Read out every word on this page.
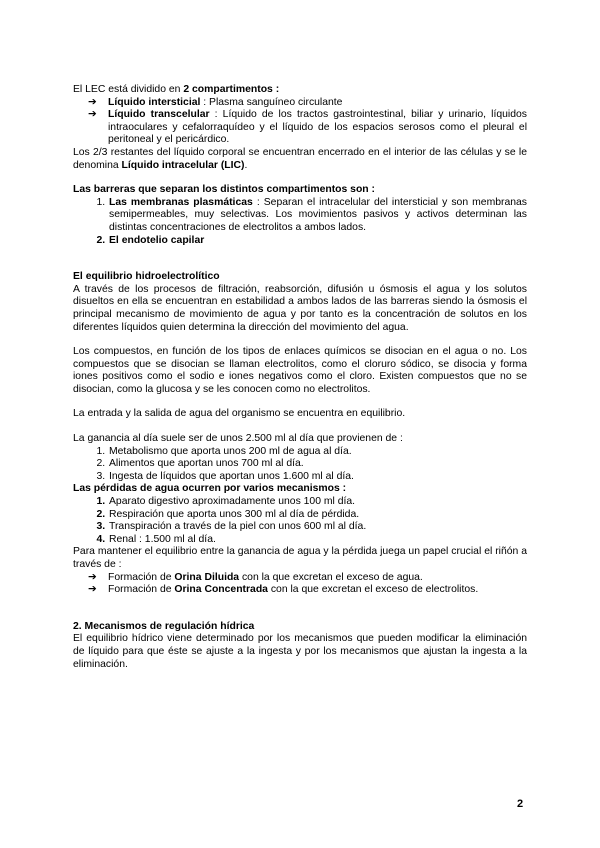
El LEC está dividido en 2 compartimentos :

➔ Líquido intersticial : Plasma sanguíneo circulante
➔ Líquido transcelular : Líquido de los tractos gastrointestinal, biliar y urinario, líquidos intraoculares y cefalorraquídeo y el líquido de los espacios serosos como el pleural el peritoneal y el pericárdico.

Los 2/3 restantes del líquido corporal se encuentran encerrado en el interior de las células y se le denomina Líquido intracelular (LIC).

Las barreras que separan los distintos compartimentos son :

1. Las membranas plasmáticas : Separan el intracelular del intersticial y son membranas semipermeables, muy selectivas. Los movimientos pasivos y activos determinan las distintas concentraciones de electrolitos a ambos lados.
2. El endotelio capilar

El equilibrio hidroelectrolítico

A través de los procesos de filtración, reabsorción, difusión u ósmosis el agua y los solutos disueltos en ella se encuentran en estabilidad a ambos lados de las barreras siendo la ósmosis el principal mecanismo de movimiento de agua y por tanto es la concentración de solutos en los diferentes líquidos quien determina la dirección del movimiento del agua.

Los compuestos, en función de los tipos de enlaces químicos se disocian en el agua o no. Los compuestos que se disocian se llaman electrolitos, como el cloruro sódico, se disocia y forma iones positivos como el sodio e iones negativos como el cloro. Existen compuestos que no se disocian, como la glucosa y se les conocen como no electrolitos.

La entrada y la salida de agua del organismo se encuentra en equilibrio.

La ganancia al día suele ser de unos 2.500 ml al día que provienen de :

1. Metabolismo que aporta unos 200 ml de agua al día.
2. Alimentos que aportan unos 700 ml al día.
3. Ingesta de líquidos que aportan unos 1.600 ml al día.

Las pérdidas de agua ocurren por varios mecanismos :

1. Aparato digestivo aproximadamente unos 100 ml día.
2. Respiración que aporta unos 300 ml al día de pérdida.
3. Transpiración a través de la piel con unos 600 ml al día.
4. Renal : 1.500 ml al día.

Para mantener el equilibrio entre la ganancia de agua y la pérdida juega un papel crucial el riñón a través de :

➔ Formación de Orina Diluida con la que excretan el exceso de agua.
➔ Formación de Orina Concentrada con la que excretan el exceso de electrolitos.

2. Mecanismos de regulación hídrica

El equilibrio hídrico viene determinado por los mecanismos que pueden modificar la eliminación de líquido para que éste se ajuste a la ingesta y por los mecanismos que ajustan la ingesta a la eliminación.

2
